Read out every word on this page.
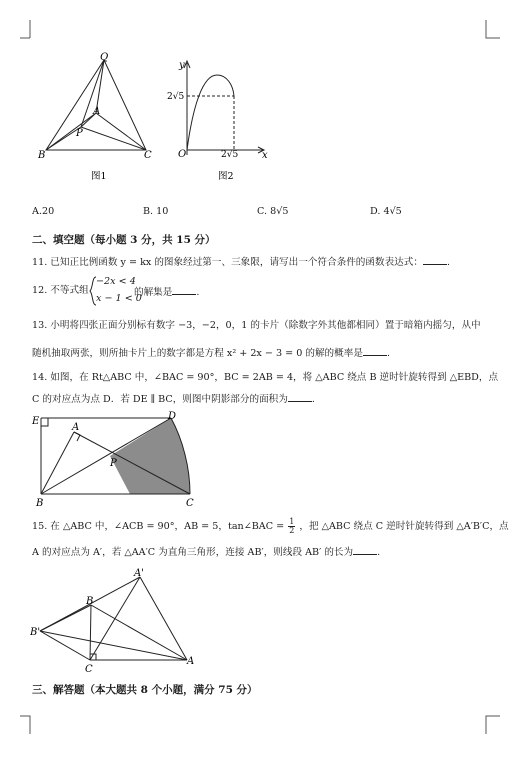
Q
A
P
B	C
图1
y
2√5
O	2√5 x
图2
A.20	B. 10	C. 8√5	D. 4√5
二、填空题（每小题 3 分，共 15 分）
11. 已知正比例函数 y = kx 的图象经过第一、三象限，请写出一个符合条件的函数表达式：	.
12. 不等式组
−2x < 4
x − 1 < 0
的解集是	.
13. 小明将四张正面分别标有数字 −3，−2，0，1 的卡片（除数字外其他都相同）置于暗箱内摇匀，从中
随机抽取两张，则所抽卡片上的数字都是方程 x² + 2x − 3 = 0 的解的概率是	.
14. 如图，在 Rt△ABC 中，∠BAC = 90°，BC = 2AB = 4，将 △ABC 绕点 B 逆时针旋转得到 △EBD，点
C 的对应点为点 D．若 DE ∥ BC，则图中阴影部分的面积为	.
E
A
D
P
B	C
15. 在 △ABC 中，∠ACB = 90°，AB = 5，tan∠BAC = $\frac{1}{2}$ ，把 △ABC 绕点 C 逆时针旋转得到 △A′B′C，点
A 的对应点为 A′，若 △AA′C 为直角三角形，连接 AB′，则线段 AB′ 的长为	.
A'
B
B'
C
A
三、解答题（本大题共 8 个小题，满分 75 分）
